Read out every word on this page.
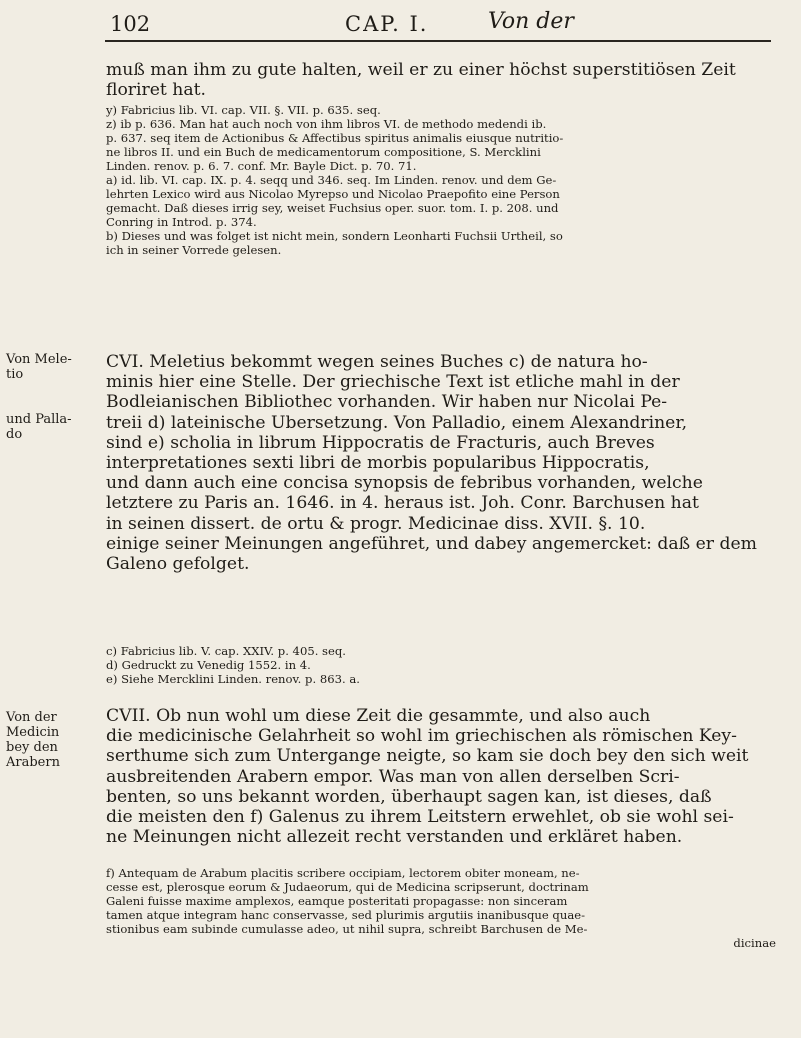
102	CAP. I.	Von der
Von Mele-
tio
und Palla-
do
Von der
Medicin
bey den
Arabern
muß man ihm zu gute halten, weil er zu einer höchst superstitiösen Zeit
floriret hat.
y) Fabricius lib. VI. cap. VII. §. VII. p. 635. seq.
z) ib p. 636. Man hat auch noch von ihm libros VI. de methodo medendi ib.
p. 637. seq item de Actionibus & Affectibus spiritus animalis eiusque nutritio-
ne libros II. und ein Buch de medicamentorum compositione, S. Mercklini
Linden. renov. p. 6. 7. conf. Mr. Bayle Dict. p. 70. 71.
a) id. lib. VI. cap. IX. p. 4. seqq und 346. seq. Im Linden. renov. und dem Ge-
lehrten Lexico wird aus Nicolao Myrepso und Nicolao Praepofito eine Person
gemacht. Daß dieses irrig sey, weiset Fuchsius oper. suor. tom. I. p. 208. und
Conring in Introd. p. 374.
b) Dieses und was folget ist nicht mein, sondern Leonharti Fuchsii Urtheil, so
ich in seiner Vorrede gelesen.
CVI. Meletius bekommt wegen seines Buches c) de natura ho-
minis hier eine Stelle. Der griechische Text ist etliche mahl in der
Bodleianischen Bibliothec vorhanden. Wir haben nur Nicolai Pe-
treii d) lateinische Ubersetzung. Von Palladio, einem Alexandriner,
sind e) scholia in librum Hippocratis de Fracturis, auch Breves
interpretationes sexti libri de morbis popularibus Hippocratis,
und dann auch eine concisa synopsis de febribus vorhanden, welche
letztere zu Paris an. 1646. in 4. heraus ist. Joh. Conr. Barchusen hat
in seinen dissert. de ortu & progr. Medicinae diss. XVII. §. 10.
einige seiner Meinungen angeführet, und dabey angemercket: daß er dem
Galeno gefolget.
c) Fabricius lib. V. cap. XXIV. p. 405. seq.
d) Gedruckt zu Venedig 1552. in 4.
e) Siehe Mercklini Linden. renov. p. 863. a.
CVII. Ob nun wohl um diese Zeit die gesammte, und also auch
die medicinische Gelahrheit so wohl im griechischen als römischen Key-
serthume sich zum Untergange neigte, so kam sie doch bey den sich weit
ausbreitenden Arabern empor. Was man von allen derselben Scri-
benten, so uns bekannt worden, überhaupt sagen kan, ist dieses, daß
die meisten den f) Galenus zu ihrem Leitstern erwehlet, ob sie wohl sei-
ne Meinungen nicht allezeit recht verstanden und erkläret haben.
f) Antequam de Arabum placitis scribere occipiam, lectorem obiter moneam, ne-
cesse est, plerosque eorum & Judaeorum, qui de Medicina scripserunt, doctrinam
Galeni fuisse maxime amplexos, eamque posteritati propagasse: non sinceram
tamen atque integram hanc conservasse, sed plurimis argutiis inanibusque quae-
stionibus eam subinde cumulasse adeo, ut nihil supra, schreibt Barchusen de Me-
dicinae
